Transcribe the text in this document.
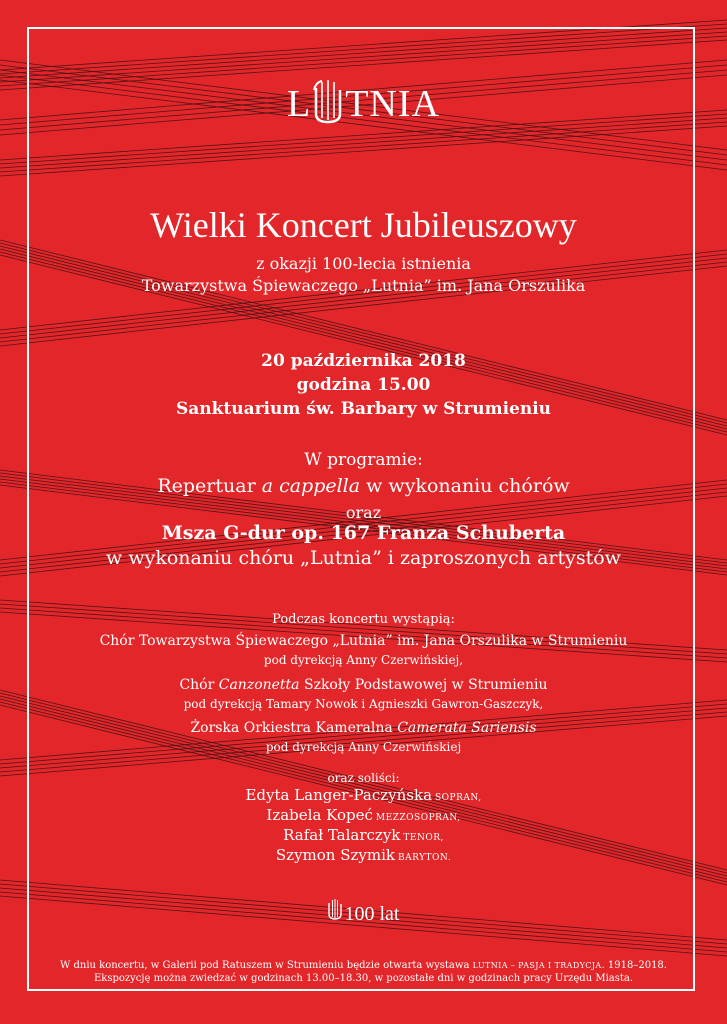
L TNIA
Wielki Koncert Jubileuszowy
z okazji 100-lecia istnienia
Towarzystwa Śpiewaczego „Lutnia” im. Jana Orszulika
20 października 2018
godzina 15.00
Sanktuarium św. Barbary w Strumieniu
W programie:
Repertuar a cappella w wykonaniu chórów
oraz
Msza G-dur op. 167 Franza Schuberta
w wykonaniu chóru „Lutnia” i zaproszonych artystów
Podczas koncertu wystąpią:
Chór Towarzystwa Śpiewaczego „Lutnia” im. Jana Orszulika w Strumieniu
pod dyrekcją Anny Czerwińskiej,
Chór Canzonetta Szkoły Podstawowej w Strumieniu
pod dyrekcją Tamary Nowok i Agnieszki Gawron-Gaszczyk,
Żorska Orkiestra Kameralna Camerata Sariensis
pod dyrekcją Anny Czerwińskiej
oraz soliści:
Edyta Langer-Paczyńska SOPRAN,
Izabela Kopeć MEZZOSOPRAN,
Rafał Talarczyk TENOR,
Szymon Szymik BARYTON.
100 lat
W dniu koncertu, w Galerii pod Ratuszem w Strumieniu będzie otwarta wystawa LUTNIA – PASJA I TRADYCJA. 1918–2018.
Ekspozycję można zwiedzać w godzinach 13.00–18.30, w pozostałe dni w godzinach pracy Urzędu Miasta.
